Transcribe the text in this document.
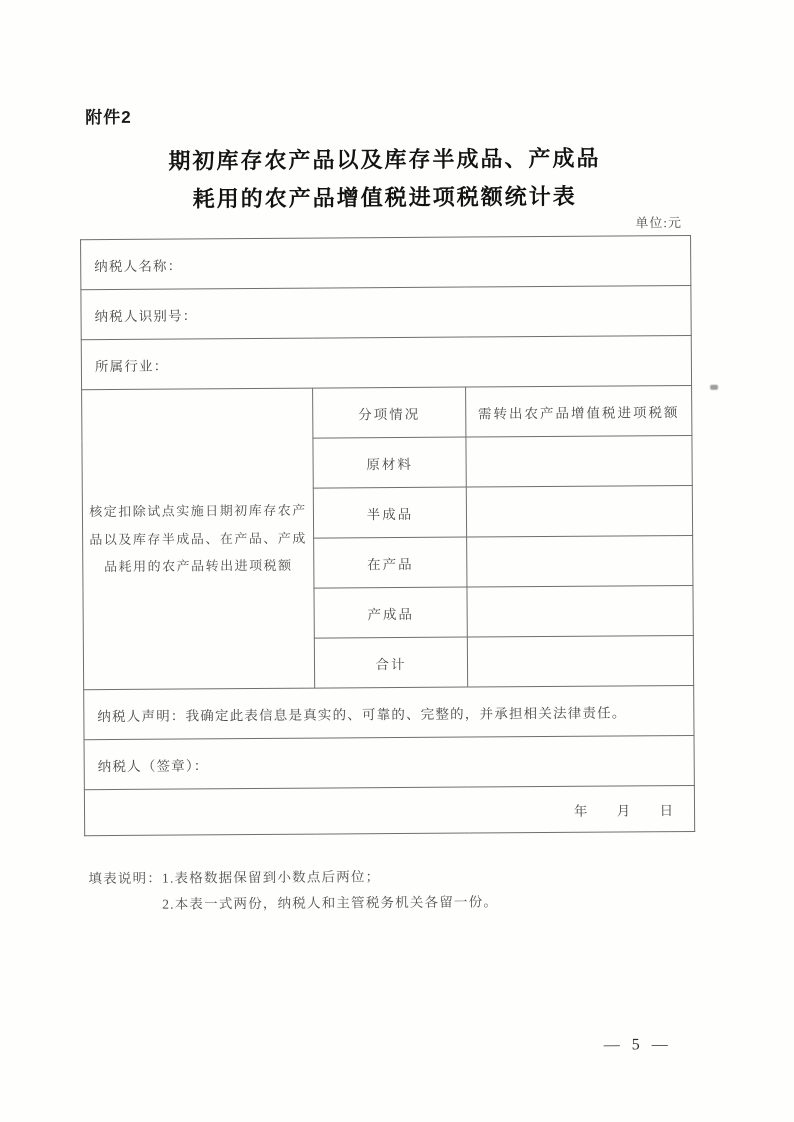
附件2
期初库存农产品以及库存半成品、产成品
耗用的农产品增值税进项税额统计表
单位:元
纳税人名称：		
纳税人识别号：		
所属行业：		

核定扣除试点实施日期初库存农产品以及库存半成品、在产品、产成品耗用的农产品转出进项税额	分项情况	需转出农产品增值税进项税额
	原材料	
	半成品	
	在产品	
	产成品	
	合计	
纳税人声明：我确定此表信息是真实的、可靠的、完整的，并承担相关法律责任。		
纳税人（签章）：		
年 月 日		
填表说明： 1.表格数据保留到小数点后两位；
2.本表一式两份，纳税人和主管税务机关各留一份。
— 5 —
